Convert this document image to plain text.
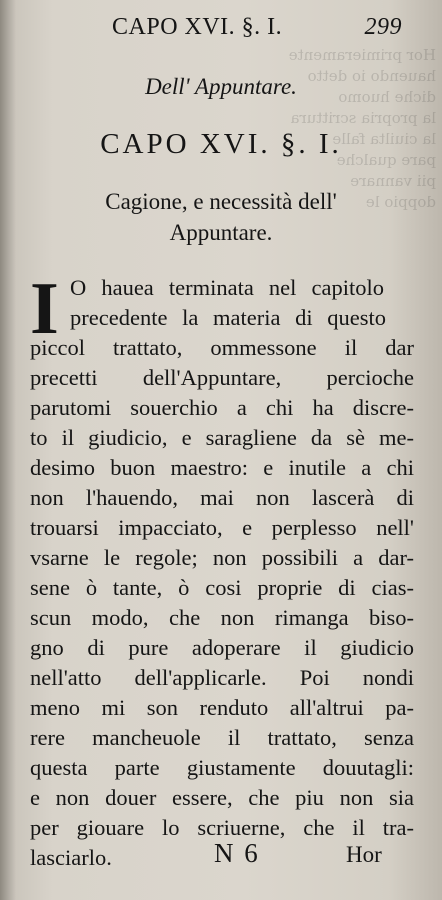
Hor primieramente
hauendo io detto
diche huomo
la propria scrittura
la ciuilta falle
pare qualche
pii vannare
doppio le
CAPO XVI. §. I.	299
Dell' Appuntare.
CAPO XVI. §. I.
Cagione, e necessità dell'
Appuntare.
I O hauea terminata nel capitolo
precedente la materia di questo
piccol trattato, ommessone il dar
precetti dell'Appuntare, percioche
parutomi souerchio a chi ha discre-
to il giudicio, e saragliene da sè me-
desimo buon maestro: e inutile a chi
non l'hauendo, mai non lascerà di
trouarsi impacciato, e perplesso nell'
vsarne le regole; non possibili a dar-
sene ò tante, ò cosi proprie di cias-
scun modo, che non rimanga biso-
gno di pure adoperare il giudicio
nell'atto dell'applicarle. Poi nondi
meno mi son renduto all'altrui pa-
rere mancheuole il trattato, senza
questa parte giustamente douutagli:
e non douer essere, che piu non sia
per giouare lo scriuerne, che il tra-
lasciarlo.	N 6	Hor
